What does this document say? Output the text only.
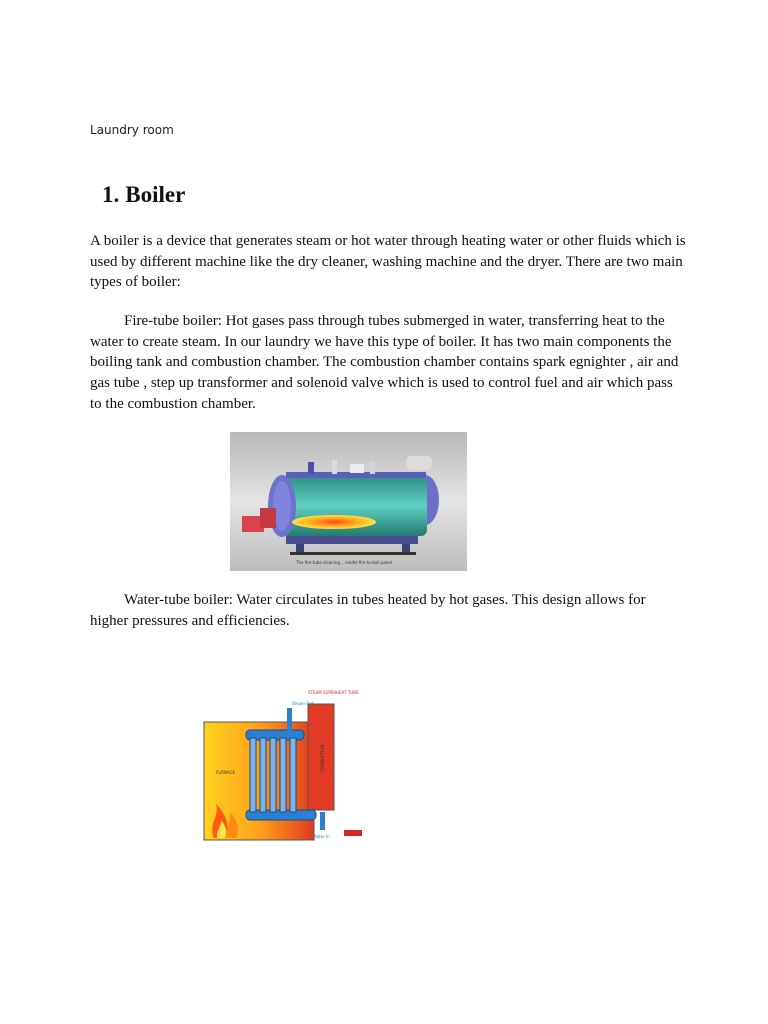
Laundry room
1. Boiler

A boiler is a device that generates steam or hot water through heating water or other fluids which is used by different machine like the dry cleaner, washing machine and the dryer. There are two main types of boiler:

Fire-tube boiler: Hot gases pass through tubes submerged in water, transferring heat to the water to create steam. In our laundry we have this type of boiler. It has two main components the boiling tank and combustion chamber. The combustion chamber contains spark egnighter , air and gas tube , step up transformer and solenoid valve which is used to control fuel and air which pass to the combustion chamber.

The fire-tube cleaning... model fire-to-ball panel

Water-tube boiler: Water circulates in tubes heated by hot gases. This design allows for higher pressures and efficiencies.

STEAM SUPERHEAT TUBE
Steam Out
FURNACE
COMBUSTION
Water In
